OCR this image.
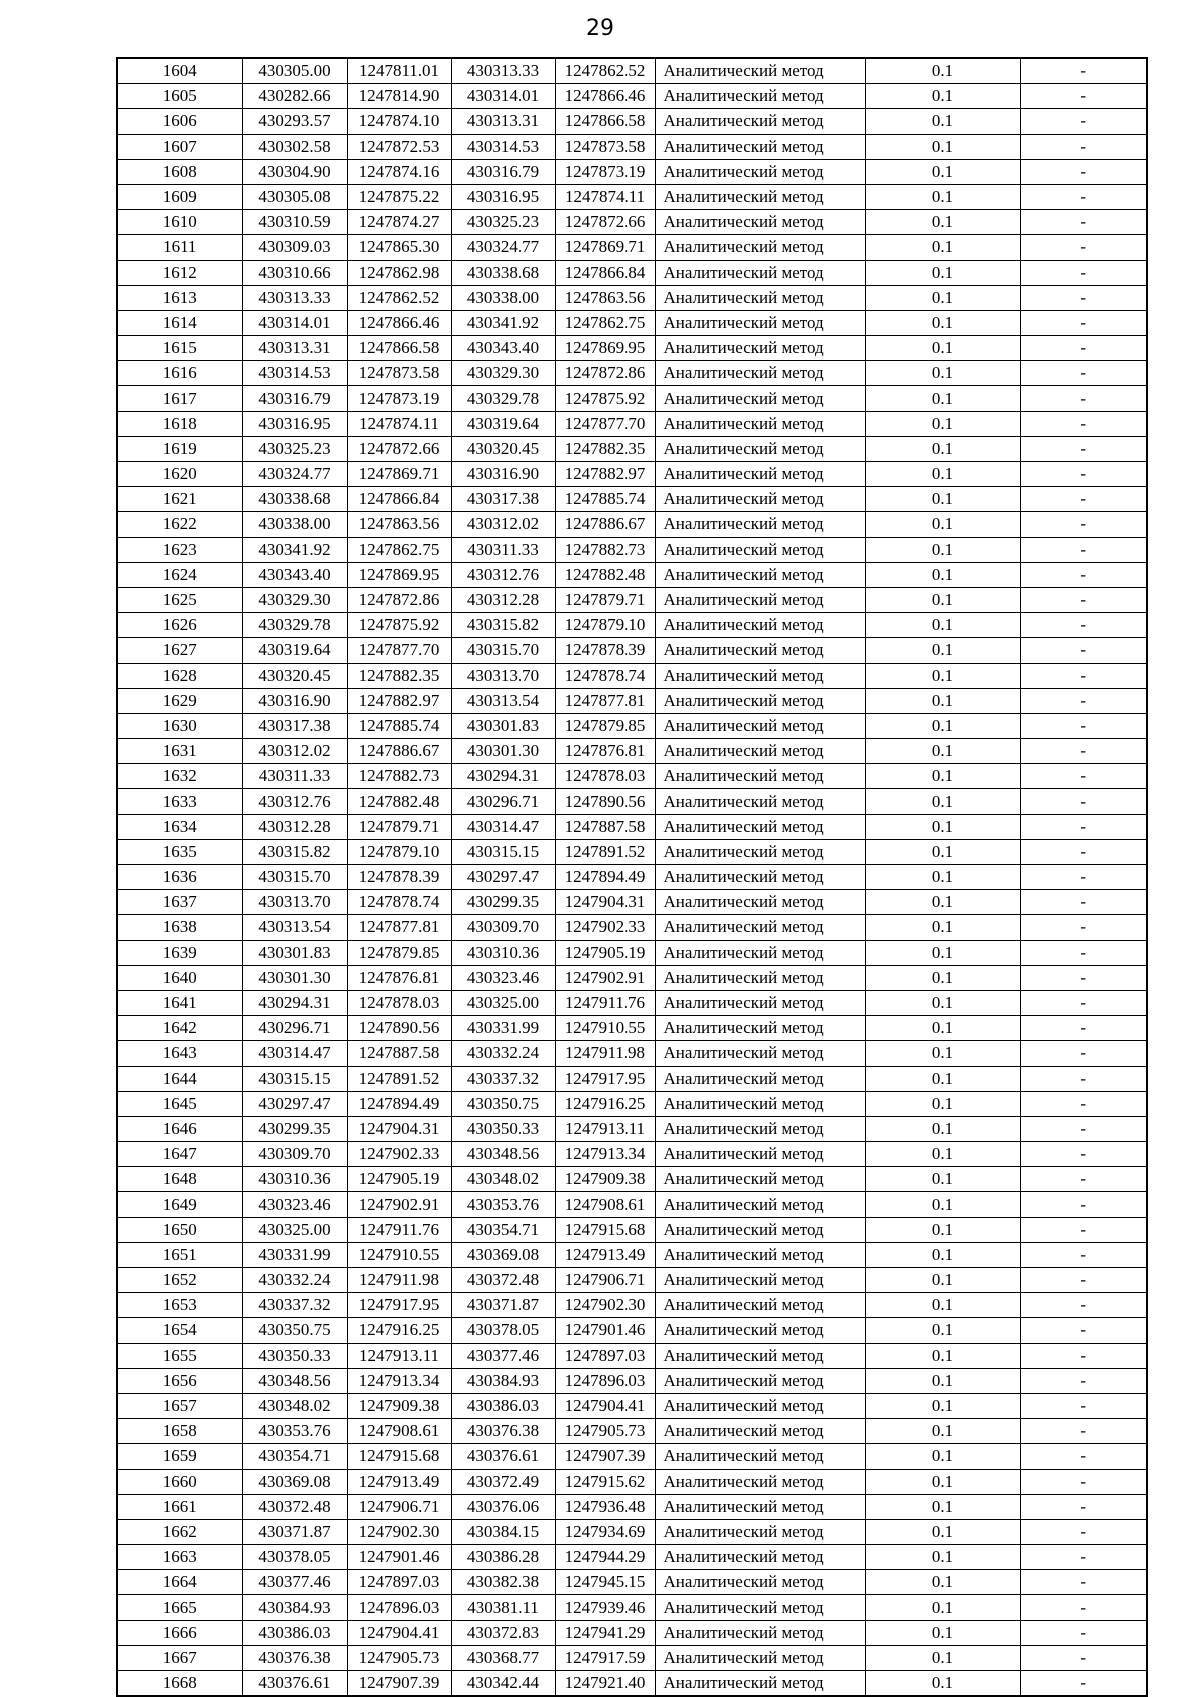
29
1604	430305.00	1247811.01	430313.33	1247862.52	Аналитический метод	0.1	-
1605	430282.66	1247814.90	430314.01	1247866.46	Аналитический метод	0.1	-
1606	430293.57	1247874.10	430313.31	1247866.58	Аналитический метод	0.1	-
1607	430302.58	1247872.53	430314.53	1247873.58	Аналитический метод	0.1	-
1608	430304.90	1247874.16	430316.79	1247873.19	Аналитический метод	0.1	-
1609	430305.08	1247875.22	430316.95	1247874.11	Аналитический метод	0.1	-
1610	430310.59	1247874.27	430325.23	1247872.66	Аналитический метод	0.1	-
1611	430309.03	1247865.30	430324.77	1247869.71	Аналитический метод	0.1	-
1612	430310.66	1247862.98	430338.68	1247866.84	Аналитический метод	0.1	-
1613	430313.33	1247862.52	430338.00	1247863.56	Аналитический метод	0.1	-
1614	430314.01	1247866.46	430341.92	1247862.75	Аналитический метод	0.1	-
1615	430313.31	1247866.58	430343.40	1247869.95	Аналитический метод	0.1	-
1616	430314.53	1247873.58	430329.30	1247872.86	Аналитический метод	0.1	-
1617	430316.79	1247873.19	430329.78	1247875.92	Аналитический метод	0.1	-
1618	430316.95	1247874.11	430319.64	1247877.70	Аналитический метод	0.1	-
1619	430325.23	1247872.66	430320.45	1247882.35	Аналитический метод	0.1	-
1620	430324.77	1247869.71	430316.90	1247882.97	Аналитический метод	0.1	-
1621	430338.68	1247866.84	430317.38	1247885.74	Аналитический метод	0.1	-
1622	430338.00	1247863.56	430312.02	1247886.67	Аналитический метод	0.1	-
1623	430341.92	1247862.75	430311.33	1247882.73	Аналитический метод	0.1	-
1624	430343.40	1247869.95	430312.76	1247882.48	Аналитический метод	0.1	-
1625	430329.30	1247872.86	430312.28	1247879.71	Аналитический метод	0.1	-
1626	430329.78	1247875.92	430315.82	1247879.10	Аналитический метод	0.1	-
1627	430319.64	1247877.70	430315.70	1247878.39	Аналитический метод	0.1	-
1628	430320.45	1247882.35	430313.70	1247878.74	Аналитический метод	0.1	-
1629	430316.90	1247882.97	430313.54	1247877.81	Аналитический метод	0.1	-
1630	430317.38	1247885.74	430301.83	1247879.85	Аналитический метод	0.1	-
1631	430312.02	1247886.67	430301.30	1247876.81	Аналитический метод	0.1	-
1632	430311.33	1247882.73	430294.31	1247878.03	Аналитический метод	0.1	-
1633	430312.76	1247882.48	430296.71	1247890.56	Аналитический метод	0.1	-
1634	430312.28	1247879.71	430314.47	1247887.58	Аналитический метод	0.1	-
1635	430315.82	1247879.10	430315.15	1247891.52	Аналитический метод	0.1	-
1636	430315.70	1247878.39	430297.47	1247894.49	Аналитический метод	0.1	-
1637	430313.70	1247878.74	430299.35	1247904.31	Аналитический метод	0.1	-
1638	430313.54	1247877.81	430309.70	1247902.33	Аналитический метод	0.1	-
1639	430301.83	1247879.85	430310.36	1247905.19	Аналитический метод	0.1	-
1640	430301.30	1247876.81	430323.46	1247902.91	Аналитический метод	0.1	-
1641	430294.31	1247878.03	430325.00	1247911.76	Аналитический метод	0.1	-
1642	430296.71	1247890.56	430331.99	1247910.55	Аналитический метод	0.1	-
1643	430314.47	1247887.58	430332.24	1247911.98	Аналитический метод	0.1	-
1644	430315.15	1247891.52	430337.32	1247917.95	Аналитический метод	0.1	-
1645	430297.47	1247894.49	430350.75	1247916.25	Аналитический метод	0.1	-
1646	430299.35	1247904.31	430350.33	1247913.11	Аналитический метод	0.1	-
1647	430309.70	1247902.33	430348.56	1247913.34	Аналитический метод	0.1	-
1648	430310.36	1247905.19	430348.02	1247909.38	Аналитический метод	0.1	-
1649	430323.46	1247902.91	430353.76	1247908.61	Аналитический метод	0.1	-
1650	430325.00	1247911.76	430354.71	1247915.68	Аналитический метод	0.1	-
1651	430331.99	1247910.55	430369.08	1247913.49	Аналитический метод	0.1	-
1652	430332.24	1247911.98	430372.48	1247906.71	Аналитический метод	0.1	-
1653	430337.32	1247917.95	430371.87	1247902.30	Аналитический метод	0.1	-
1654	430350.75	1247916.25	430378.05	1247901.46	Аналитический метод	0.1	-
1655	430350.33	1247913.11	430377.46	1247897.03	Аналитический метод	0.1	-
1656	430348.56	1247913.34	430384.93	1247896.03	Аналитический метод	0.1	-
1657	430348.02	1247909.38	430386.03	1247904.41	Аналитический метод	0.1	-
1658	430353.76	1247908.61	430376.38	1247905.73	Аналитический метод	0.1	-
1659	430354.71	1247915.68	430376.61	1247907.39	Аналитический метод	0.1	-
1660	430369.08	1247913.49	430372.49	1247915.62	Аналитический метод	0.1	-
1661	430372.48	1247906.71	430376.06	1247936.48	Аналитический метод	0.1	-
1662	430371.87	1247902.30	430384.15	1247934.69	Аналитический метод	0.1	-
1663	430378.05	1247901.46	430386.28	1247944.29	Аналитический метод	0.1	-
1664	430377.46	1247897.03	430382.38	1247945.15	Аналитический метод	0.1	-
1665	430384.93	1247896.03	430381.11	1247939.46	Аналитический метод	0.1	-
1666	430386.03	1247904.41	430372.83	1247941.29	Аналитический метод	0.1	-
1667	430376.38	1247905.73	430368.77	1247917.59	Аналитический метод	0.1	-
1668	430376.61	1247907.39	430342.44	1247921.40	Аналитический метод	0.1	-
